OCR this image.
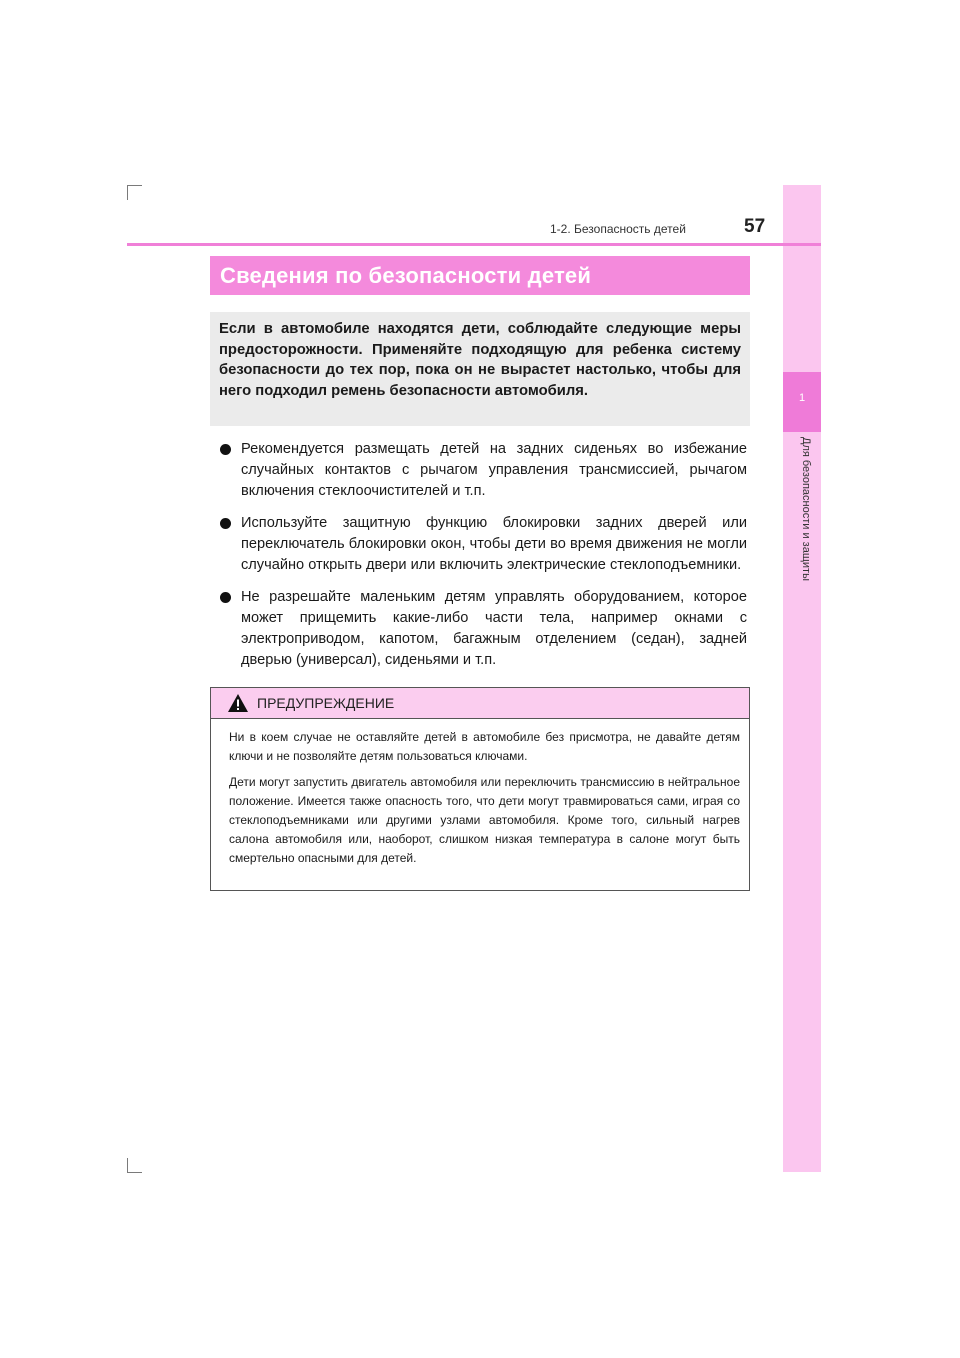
1
Для безопасности и защиты
1-2. Безопасность детей	57
Сведения по безопасности детей
Если в автомобиле находятся дети, соблюдайте следующие меры предосторожности. Применяйте подходящую для ребенка систему безопасности до тех пор, пока он не вырастет настолько, чтобы для него подходил ремень безопасности автомобиля.
Рекомендуется размещать детей на задних сиденьях во избежание случайных контактов с рычагом управления трансмиссией, рычагом включения стеклоочистителей и т.п.
Используйте защитную функцию блокировки задних дверей или переключатель блокировки окон, чтобы дети во время движения не могли случайно открыть двери или включить электрические стеклоподъемники.
Не разрешайте маленьким детям управлять оборудованием, которое может прищемить какие-либо части тела, например окнами с электроприводом, капотом, багажным отделением (седан), задней дверью (универсал), сиденьями и т.п.
ПРЕДУПРЕЖДЕНИЕ

Ни в коем случае не оставляйте детей в автомобиле без присмотра, не давайте детям ключи и не позволяйте детям пользоваться ключами.

Дети могут запустить двигатель автомобиля или переключить трансмиссию в нейтральное положение. Имеется также опасность того, что дети могут травмироваться сами, играя со стеклоподъемниками или другими узлами автомобиля. Кроме того, сильный нагрев салона автомобиля или, наоборот, слишком низкая температура в салоне могут быть смертельно опасными для детей.
